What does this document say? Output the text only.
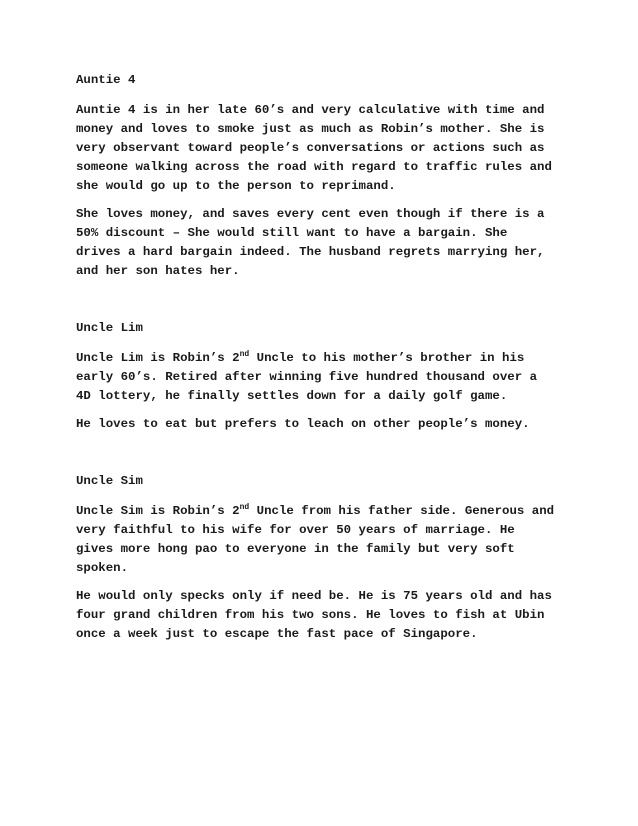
Auntie 4
Auntie 4 is in her late 60’s and very calculative with time and
money and loves to smoke just as much as Robin’s mother. She is
very observant toward people’s conversations or actions such as
someone walking across the road with regard to traffic rules and
she would go up to the person to reprimand.
She loves money, and saves every cent even though if there is a
50% discount – She would still want to have a bargain. She
drives a hard bargain indeed. The husband regrets marrying her,
and her son hates her.
Uncle Lim
Uncle Lim is Robin’s 2nd Uncle to his mother’s brother in his
early 60’s. Retired after winning five hundred thousand over a
4D lottery, he finally settles down for a daily golf game.
He loves to eat but prefers to leach on other people’s money.
Uncle Sim
Uncle Sim is Robin’s 2nd Uncle from his father side. Generous and
very faithful to his wife for over 50 years of marriage. He
gives more hong pao to everyone in the family but very soft
spoken.
He would only specks only if need be. He is 75 years old and has
four grand children from his two sons. He loves to fish at Ubin
once a week just to escape the fast pace of Singapore.
